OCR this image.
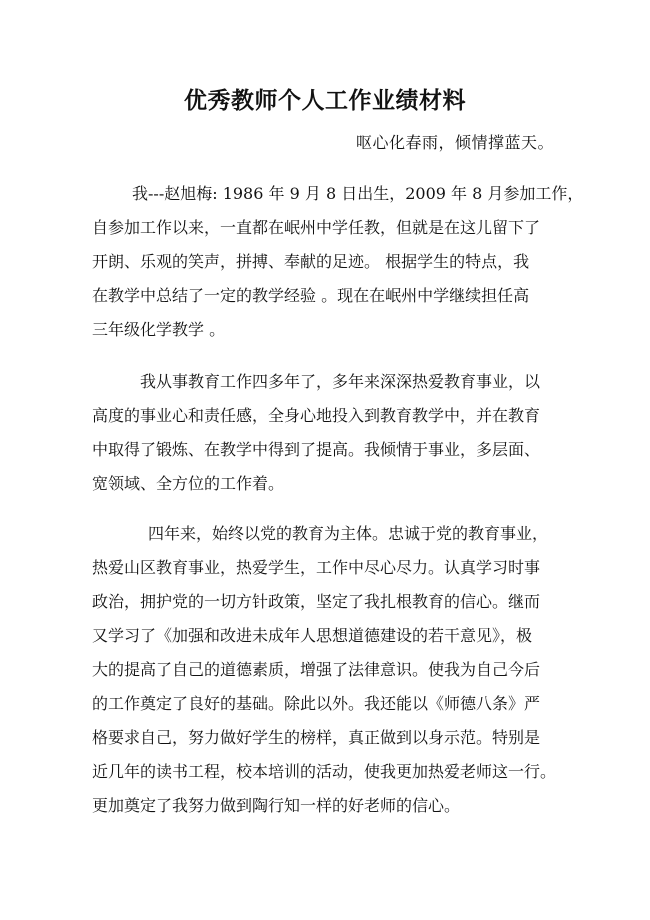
优秀教师个人工作业绩材料

呕心化春雨，倾情撑蓝天。

我---赵旭梅: 1986 年 9 月 8 日出生，2009 年 8 月参加工作，

自参加工作以来，一直都在岷州中学任教，但就是在这儿留下了

开朗、乐观的笑声，拼搏、奉献的足迹。 根据学生的特点，我

在教学中总结了一定的教学经验 。现在在岷州中学继续担任高

三年级化学教学 。

我从事教育工作四多年了，多年来深深热爱教育事业，以

高度的事业心和责任感，全身心地投入到教育教学中，并在教育

中取得了锻炼、在教学中得到了提高。我倾情于事业，多层面、

宽领域、全方位的工作着。

四年来，始终以党的教育为主体。忠诚于党的教育事业，

热爱山区教育事业，热爱学生，工作中尽心尽力。认真学习时事

政治，拥护党的一切方针政策，坚定了我扎根教育的信心。继而

又学习了《加强和改进未成年人思想道德建设的若干意见》，极

大的提高了自己的道德素质，增强了法律意识。使我为自己今后

的工作奠定了良好的基础。除此以外。我还能以《师德八条》严

格要求自己，努力做好学生的榜样，真正做到以身示范。特别是

近几年的读书工程，校本培训的活动，使我更加热爱老师这一行。

更加奠定了我努力做到陶行知一样的好老师的信心。
